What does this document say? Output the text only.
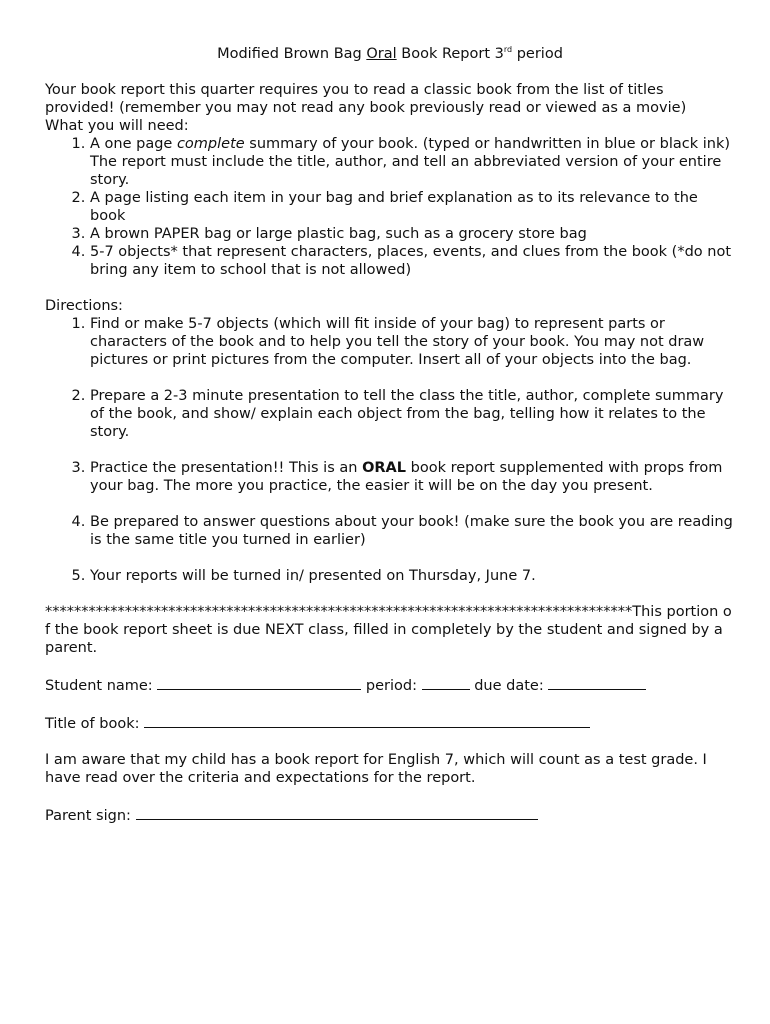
Modified Brown Bag Oral Book Report 3rd period

Your book report this quarter requires you to read a classic book from the list of titles provided! (remember you may not read any book previously read or viewed as a movie)

What you will need:

1. A one page complete summary of your book. (typed or handwritten in blue or black ink) The report must include the title, author, and tell an abbreviated version of your entire story.
2. A page listing each item in your bag and brief explanation as to its relevance to the book
3. A brown PAPER bag or large plastic bag, such as a grocery store bag
4. 5-7 objects* that represent characters, places, events, and clues from the book (*do not bring any item to school that is not allowed)

Directions:

1. Find or make 5-7 objects (which will fit inside of your bag) to represent parts or characters of the book and to help you tell the story of your book. You may not draw pictures or print pictures from the computer. Insert all of your objects into the bag.
2. Prepare a 2-3 minute presentation to tell the class the title, author, complete summary of the book, and show/ explain each object from the bag, telling how it relates to the story.
3. Practice the presentation!! This is an ORAL book report supplemented with props from your bag. The more you practice, the easier it will be on the day you present.
4. Be prepared to answer questions about your book! (make sure the book you are reading is the same title you turned in earlier)
5. Your reports will be turned in/ presented on Thursday, June 7.

*********************************************************************************This portion of the book report sheet is due NEXT class, filled in completely by the student and signed by a parent.

Student name:	period:	due date:

Title of book:

I am aware that my child has a book report for English 7, which will count as a test grade. I have read over the criteria and expectations for the report.

Parent sign:
